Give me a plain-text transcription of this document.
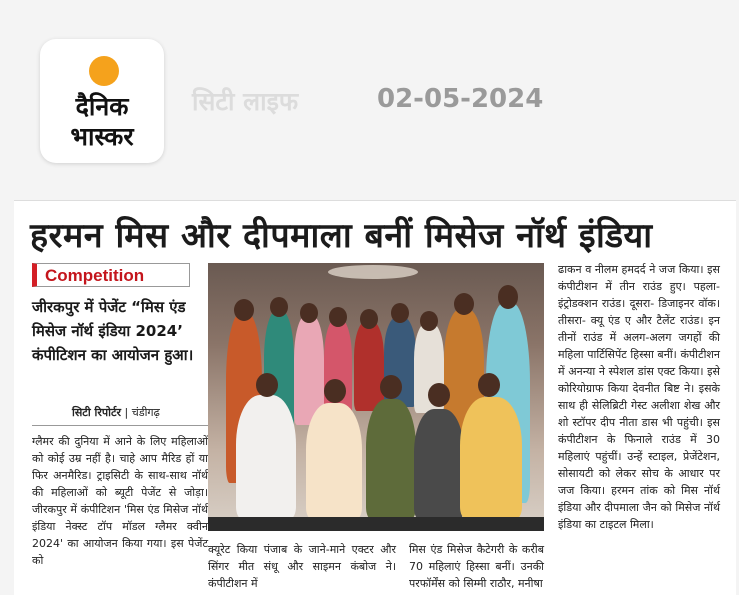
दैनिक
भास्कर
सिटी लाइफ	02-05-2024
हरमन मिस और दीपमाला बनीं मिसेज नॉर्थ इंडिया
Competition
जीरकपुर में पेजेंट “मिस एंड मिसेज नॉर्थ इंडिया 2024’ कंपीटिशन का आयोजन हुआ।
सिटी रिपोर्टर | चंडीगढ़
ग्लैमर की दुनिया में आने के लिए महिलाओं को कोई उम्र नहीं है। चाहे आप मैरिड हों या फिर अनमैरिड। ट्राइसिटी के साथ-साथ नॉर्थ की महिलाओं को ब्यूटी पेजेंट से जोड़ा। जीरकपुर में कंपीटिशन 'मिस एंड मिसेज नॉर्थ इंडिया नेक्स्ट टॉप मॉडल ग्लैमर क्वीन 2024' का आयोजन किया गया। इस पेजेंट को
क्यूरेट किया पंजाब के जाने-माने एक्टर और सिंगर मीत संधू और साइमन कंबोज ने। कंपीटीशन में
मिस एंड मिसेज कैटेगरी के करीब 70 महिलाएं हिस्सा बनीं। उनकी परफॉर्मेंस को सिम्मी राठौर, मनीषा
ढाकन व नीलम हमदर्द ने जज किया। इस कंपीटीशन में तीन राउंड हुए। पहला- इंट्रोडक्शन राउंड। दूसरा- डिजाइनर वॉक। तीसरा- क्यू एंड ए और टैलेंट राउंड। इन तीनों राउंड में अलग-अलग जगहों की महिला पार्टिसिपेंट हिस्सा बनीं। कंपीटीशन में अनन्या ने स्पेशल डांस एक्ट किया। इसे कोरियोग्राफ किया देवनीत बिष्ट ने। इसके साथ ही सेलिब्रिटी गेस्ट अलीशा शेख और शो स्टॉपर दीप नीता डास भी पहुंची। इस कंपीटीशन के फिनाले राउंड में 30 महिलाएं पहुंचीं। उन्हें स्टाइल, प्रेजेंटेशन, सोसायटी को लेकर सोच के आधार पर जज किया। हरमन तांक को मिस नॉर्थ इंडिया और दीपमाला जैन को मिसेज नॉर्थ इंडिया का टाइटल मिला।
